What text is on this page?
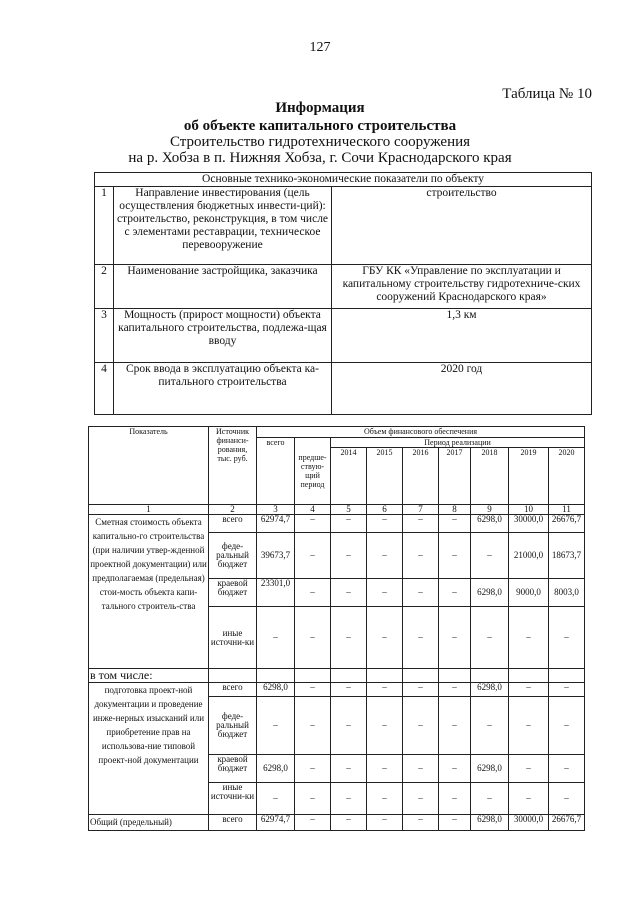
127
Таблица № 10
Информация
об объекте капитального строительства
Строительство гидротехнического сооружения
на р. Хобза в п. Нижняя Хобза, г. Сочи Краснодарского края
Основные технико-экономические показатели по объекту		
1	Направление инвестирования (цель осуществления бюджетных инвести-ций): строительство, реконструкция, в том числе с элементами реставрации, техническое перевооружение	строительство
2	Наименование застройщика, заказчика	ГБУ КК «Управление по эксплуатации и капитальному строительству гидротехниче-ских сооружений Краснодарского края»
3	Мощность (прирост мощности) объекта капитального строительства, подлежа-щая вводу	1,3 км
4	Срок ввода в эксплуатацию объекта ка-питального строительства	2020 год
Показатель	Источник финанси-рования, тыс. руб.	Объем финансового обеспечения								
		всего	предше-ствую-щий период	Период реализации						
				2014	2015	2016	2017	2018	2019	2020
1	2	3	4	5	6	7	8	9	10	11
Сметная стоимость объекта капитально-го строительства (при наличии утвер-жденной проектной документации) или предполагаемая (предельная) стои-мость объекта капи-тального строитель-ства	всего	62974,7	–	–	–	–	–	6298,0	30000,0	26676,7
	феде-ральный бюджет	39673,7	–	–	–	–	–	–	21000,0	18673,7
	краевой бюджет	23301,0	–	–	–	–	–	6298,0	9000,0	8003,0
	иные источни-ки	–	–	–	–	–	–	–	–	–
в том числе:										
подготовка проект-ной документации и проведение инже-нерных изысканий или приобретение прав на использова-ние типовой проект-ной документации	всего	6298,0	–	–	–	–	–	6298,0	–	–
	феде-ральный бюджет	–	–	–	–	–	–	–	–	–
	краевой бюджет	6298,0	–	–	–	–	–	6298,0	–	–
	иные источни-ки	–	–	–	–	–	–	–	–	–
Общий (предельный)	всего	62974,7	–	–	–	–	–	6298,0	30000,0	26676,7
